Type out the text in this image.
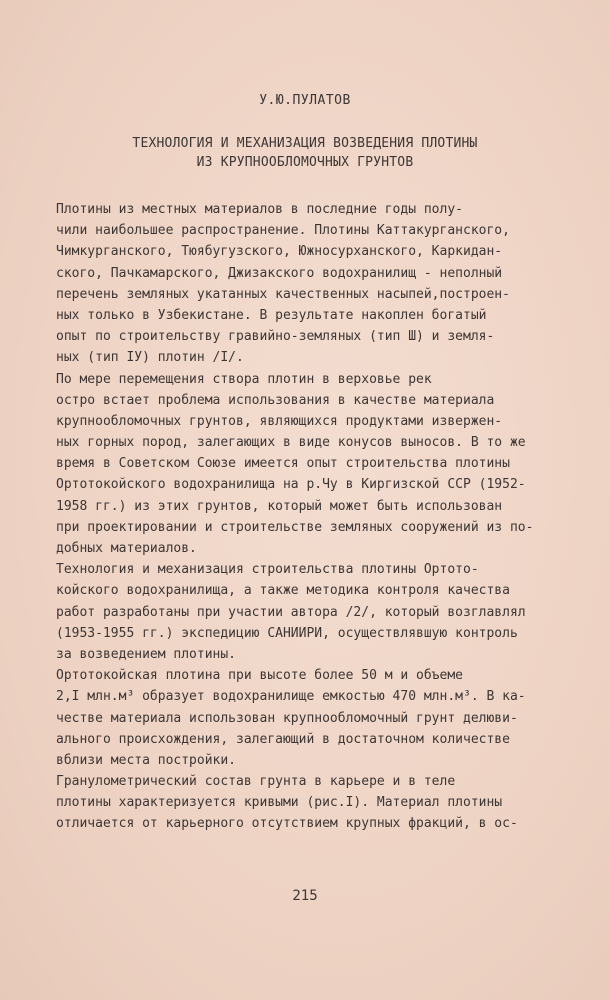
У.Ю.ПУЛАТОВ
ТЕХНОЛОГИЯ И МЕХАНИЗАЦИЯ ВОЗВЕДЕНИЯ ПЛОТИНЫ
ИЗ КРУПНООБЛОМОЧНЫХ ГРУНТОВ
Плотины из местных материалов в последние годы полу-
чили наибольшее распространение. Плотины Каттакурганского,
Чимкурганского, Тюябугузского, Южносурханского, Каркидан-
ского, Пачкамарского, Джизакского водохранилищ - неполный
перечень земляных укатанных качественных насыпей,построен-
ных только в Узбекистане. В результате накоплен богатый
опыт по строительству гравийно-земляных (тип Ш) и земля-
ных (тип IУ) плотин /I/.
По мере перемещения створа плотин в верховье рек
остро встает проблема использования в качестве материала
крупнообломочных грунтов, являющихся продуктами извержен-
ных горных пород, залегающих в виде конусов выносов. В то же
время в Советском Союзе имеется опыт строительства плотины
Ортотокойского водохранилища на р.Чу в Киргизской ССР (1952-
1958 гг.) из этих грунтов, который может быть использован
при проектировании и строительстве земляных сооружений из по-
добных материалов.
Технология и механизация строительства плотины Ортото-
койского водохранилища, а также методика контроля качества
работ разработаны при участии автора /2/, который возглавлял
(1953-1955 гг.) экспедицию САНИИРИ, осуществлявшую контроль
за возведением плотины.
Ортотокойская плотина при высоте более 50 м и объеме
2,I млн.м³ образует водохранилище емкостью 470 млн.м³. В ка-
честве материала использован крупнообломочный грунт делюви-
ального происхождения, залегающий в достаточном количестве
вблизи места постройки.
Гранулометрический состав грунта в карьере и в теле
плотины характеризуется кривыми (рис.I). Материал плотины
отличается от карьерного отсутствием крупных фракций, в ос-
215
